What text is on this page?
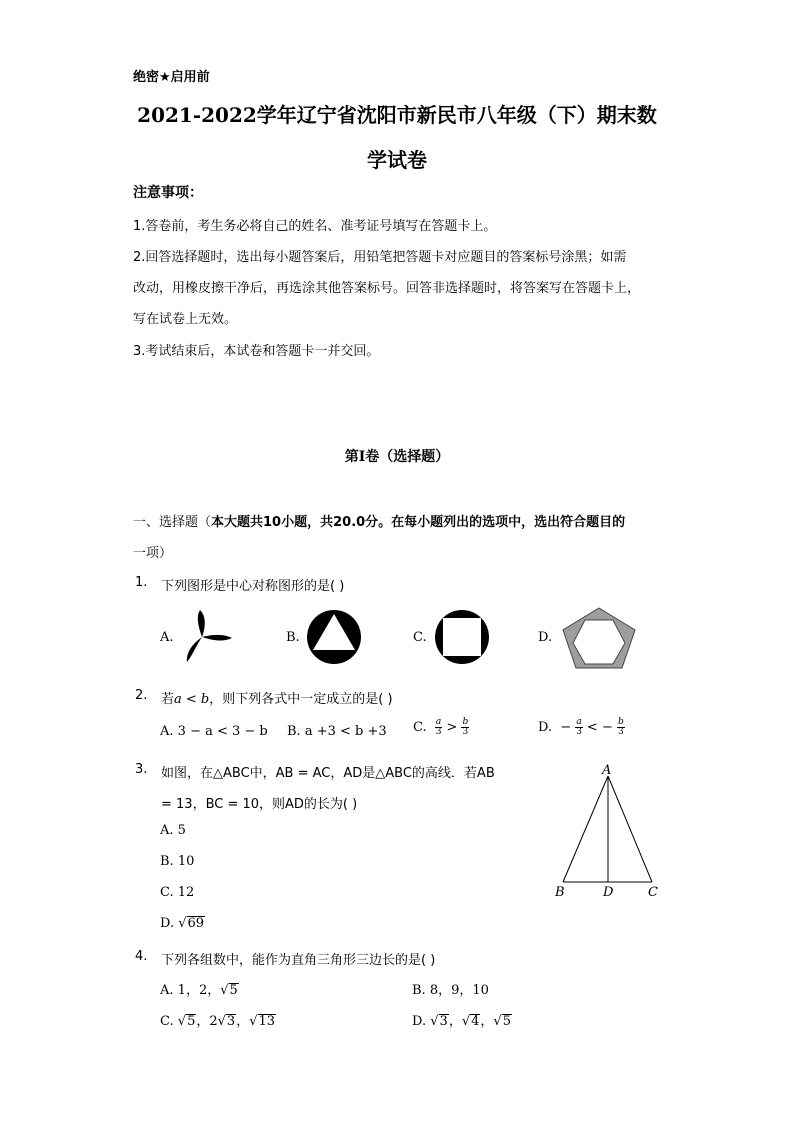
绝密★启用前
2021-2022学年辽宁省沈阳市新民市八年级（下）期末数
学试卷
注意事项：
1.答卷前，考生务必将自己的姓名、准考证号填写在答题卡上。
2.回答选择题时，选出每小题答案后，用铅笔把答题卡对应题目的答案标号涂黑；如需
改动，用橡皮擦干净后，再选涂其他答案标号。回答非选择题时，将答案写在答题卡上，
写在试卷上无效。
3.考试结束后，本试卷和答题卡一并交回。
第I卷（选择题）
一、选择题（本大题共10小题，共20.0分。在每小题列出的选项中，选出符合题目的
一项）
1. 下列图形是中心对称图形的是( )
A.	B.	C.	D.
2. 若a < b，则下列各式中一定成立的是( )
A. 3 − a < 3 − b B. a +3 < b +3 C. $\frac{a}{3} > \frac{b}{3}$	D. − $\frac{a}{3}$ < − $\frac{b}{3}$
3. 如图，在△ABC中，AB = AC，AD是△ABC的高线．若AB
= 13，BC = 10，则AD的长为( )
A. 5
B. 10
C. 12
D. √69
A
B	D	C
4. 下列各组数中，能作为直角三角形三边长的是( )
A. 1，2，√5	B. 8，9，10
C. √5，2√3，√13	D. √3，√4，√5
